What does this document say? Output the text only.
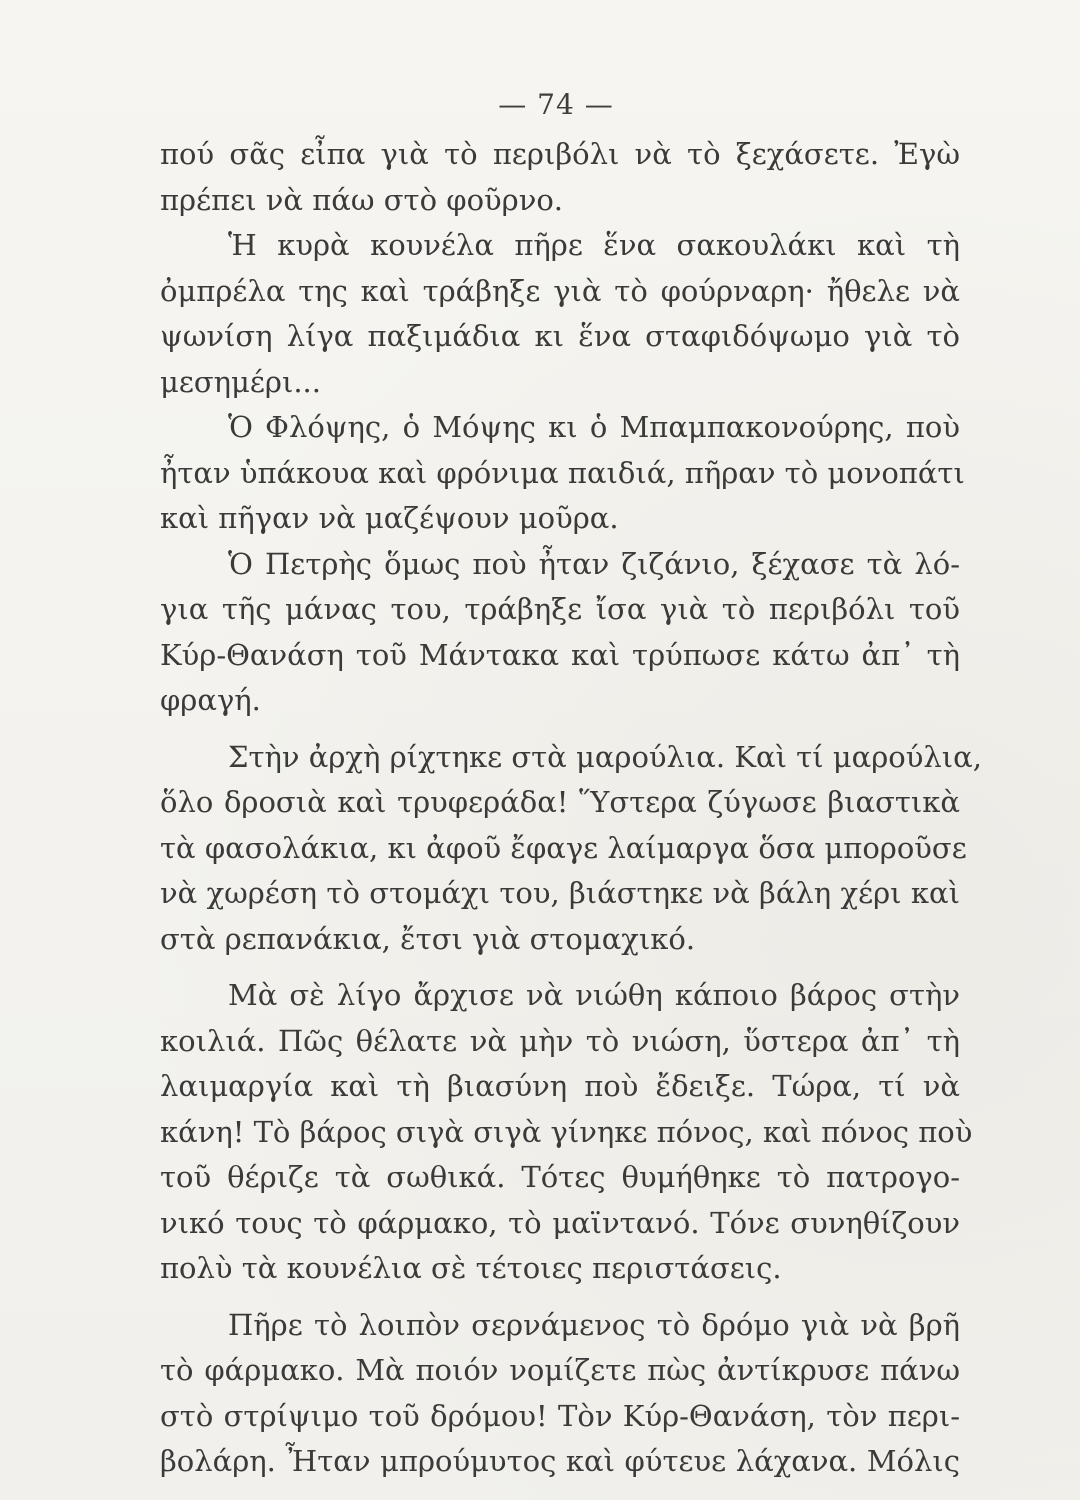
— 74 —
πού σᾶς εἶπα γιὰ τὸ περιβόλι νὰ τὸ ξεχάσετε. Ἐγὼ
πρέπει νὰ πάω στὸ φοῦρνο.
Ἡ κυρὰ κουνέλα πῆρε ἕνα σακουλάκι καὶ τὴ
ὀμπρέλα της καὶ τράβηξε γιὰ τὸ φούρναρη· ἤθελε νὰ
ψωνίση λίγα παξιμάδια κι ἕνα σταφιδόψωμο γιὰ τὸ
μεσημέρι...
Ὁ Φλόψης, ὁ Μόψης κι ὁ Μπαμπακονούρης, ποὺ
ἦταν ὑπάκουα καὶ φρόνιμα παιδιά, πῆραν τὸ μονοπάτι
καὶ πῆγαν νὰ μαζέψουν μοῦρα.
Ὁ Πετρὴς ὅμως ποὺ ἦταν ζιζάνιο, ξέχασε τὰ λό-
για τῆς μάνας του, τράβηξε ἴσα γιὰ τὸ περιβόλι τοῦ
Κύρ-Θανάση τοῦ Μάντακα καὶ τρύπωσε κάτω ἀπ᾽ τὴ
φραγή.
Στὴν ἀρχὴ ρίχτηκε στὰ μαρούλια. Καὶ τί μαρούλια,
ὅλο δροσιὰ καὶ τρυφεράδα! Ὕστερα ζύγωσε βιαστικὰ
τὰ φασολάκια, κι ἀφοῦ ἔφαγε λαίμαργα ὅσα μποροῦσε
νὰ χωρέση τὸ στομάχι του, βιάστηκε νὰ βάλη χέρι καὶ
στὰ ρεπανάκια, ἔτσι γιὰ στομαχικό.
Μὰ σὲ λίγο ἄρχισε νὰ νιώθη κάποιο βάρος στὴν
κοιλιά. Πῶς θέλατε νὰ μὴν τὸ νιώση, ὕστερα ἀπ᾽ τὴ
λαιμαργία καὶ τὴ βιασύνη ποὺ ἔδειξε. Τώρα, τί νὰ
κάνη! Τὸ βάρος σιγὰ σιγὰ γίνηκε πόνος, καὶ πόνος ποὺ
τοῦ θέριζε τὰ σωθικά. Τότες θυμήθηκε τὸ πατρογο-
νικό τους τὸ φάρμακο, τὸ μαϊντανό. Τόνε συνηθίζουν
πολὺ τὰ κουνέλια σὲ τέτοιες περιστάσεις.
Πῆρε τὸ λοιπὸν σερνάμενος τὸ δρόμο γιὰ νὰ βρῆ
τὸ φάρμακο. Μὰ ποιόν νομίζετε πὼς ἀντίκρυσε πάνω
στὸ στρίψιμο τοῦ δρόμου! Τὸν Κύρ-Θανάση, τὸν περι-
βολάρη. Ἦταν μπρούμυτος καὶ φύτευε λάχανα. Μόλις
